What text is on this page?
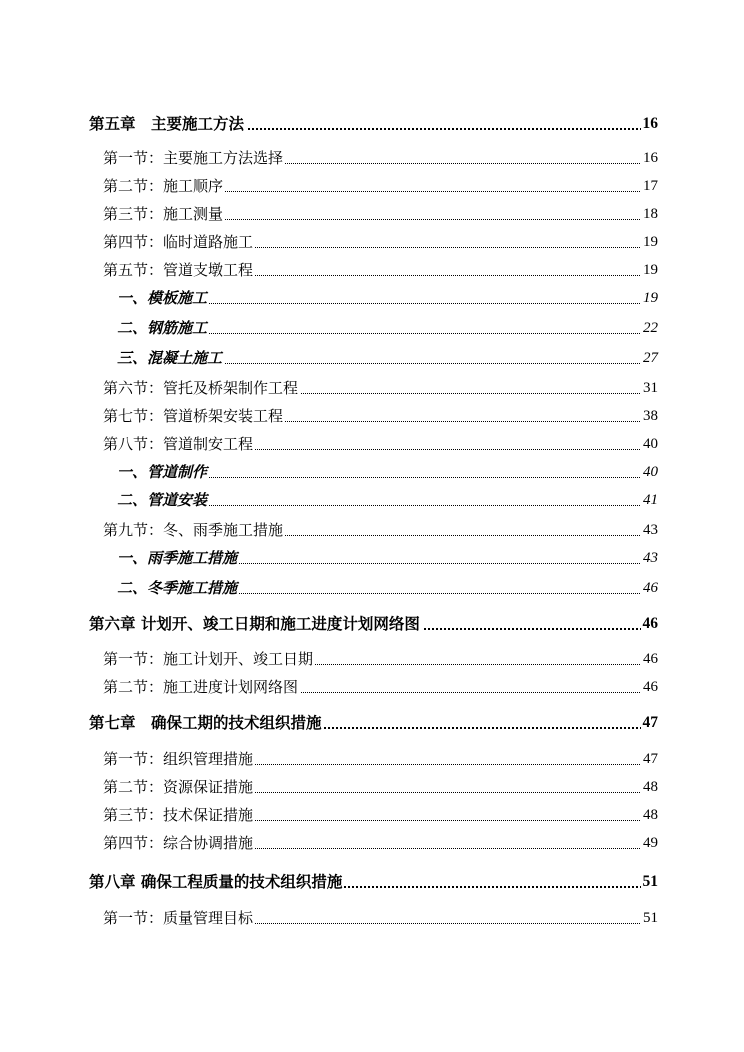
第五章　主要施工方法	16
第一节：主要施工方法选择	16
第二节：施工顺序	17
第三节：施工测量	18
第四节：临时道路施工	19
第五节：管道支墩工程	19
一、模板施工	19
二、钢筋施工	22
三、混凝土施工	27
第六节：管托及桥架制作工程	31
第七节：管道桥架安装工程	38
第八节：管道制安工程	40
一、管道制作	40
二、管道安装	41
第九节：冬、雨季施工措施	43
一、雨季施工措施	43
二、冬季施工措施	46
第六章 计划开、竣工日期和施工进度计划网络图	46
第一节：施工计划开、竣工日期	46
第二节：施工进度计划网络图	46
第七章　确保工期的技术组织措施	47
第一节：组织管理措施	47
第二节：资源保证措施	48
第三节：技术保证措施	48
第四节：综合协调措施	49
第八章 确保工程质量的技术组织措施	51
第一节：质量管理目标	51
